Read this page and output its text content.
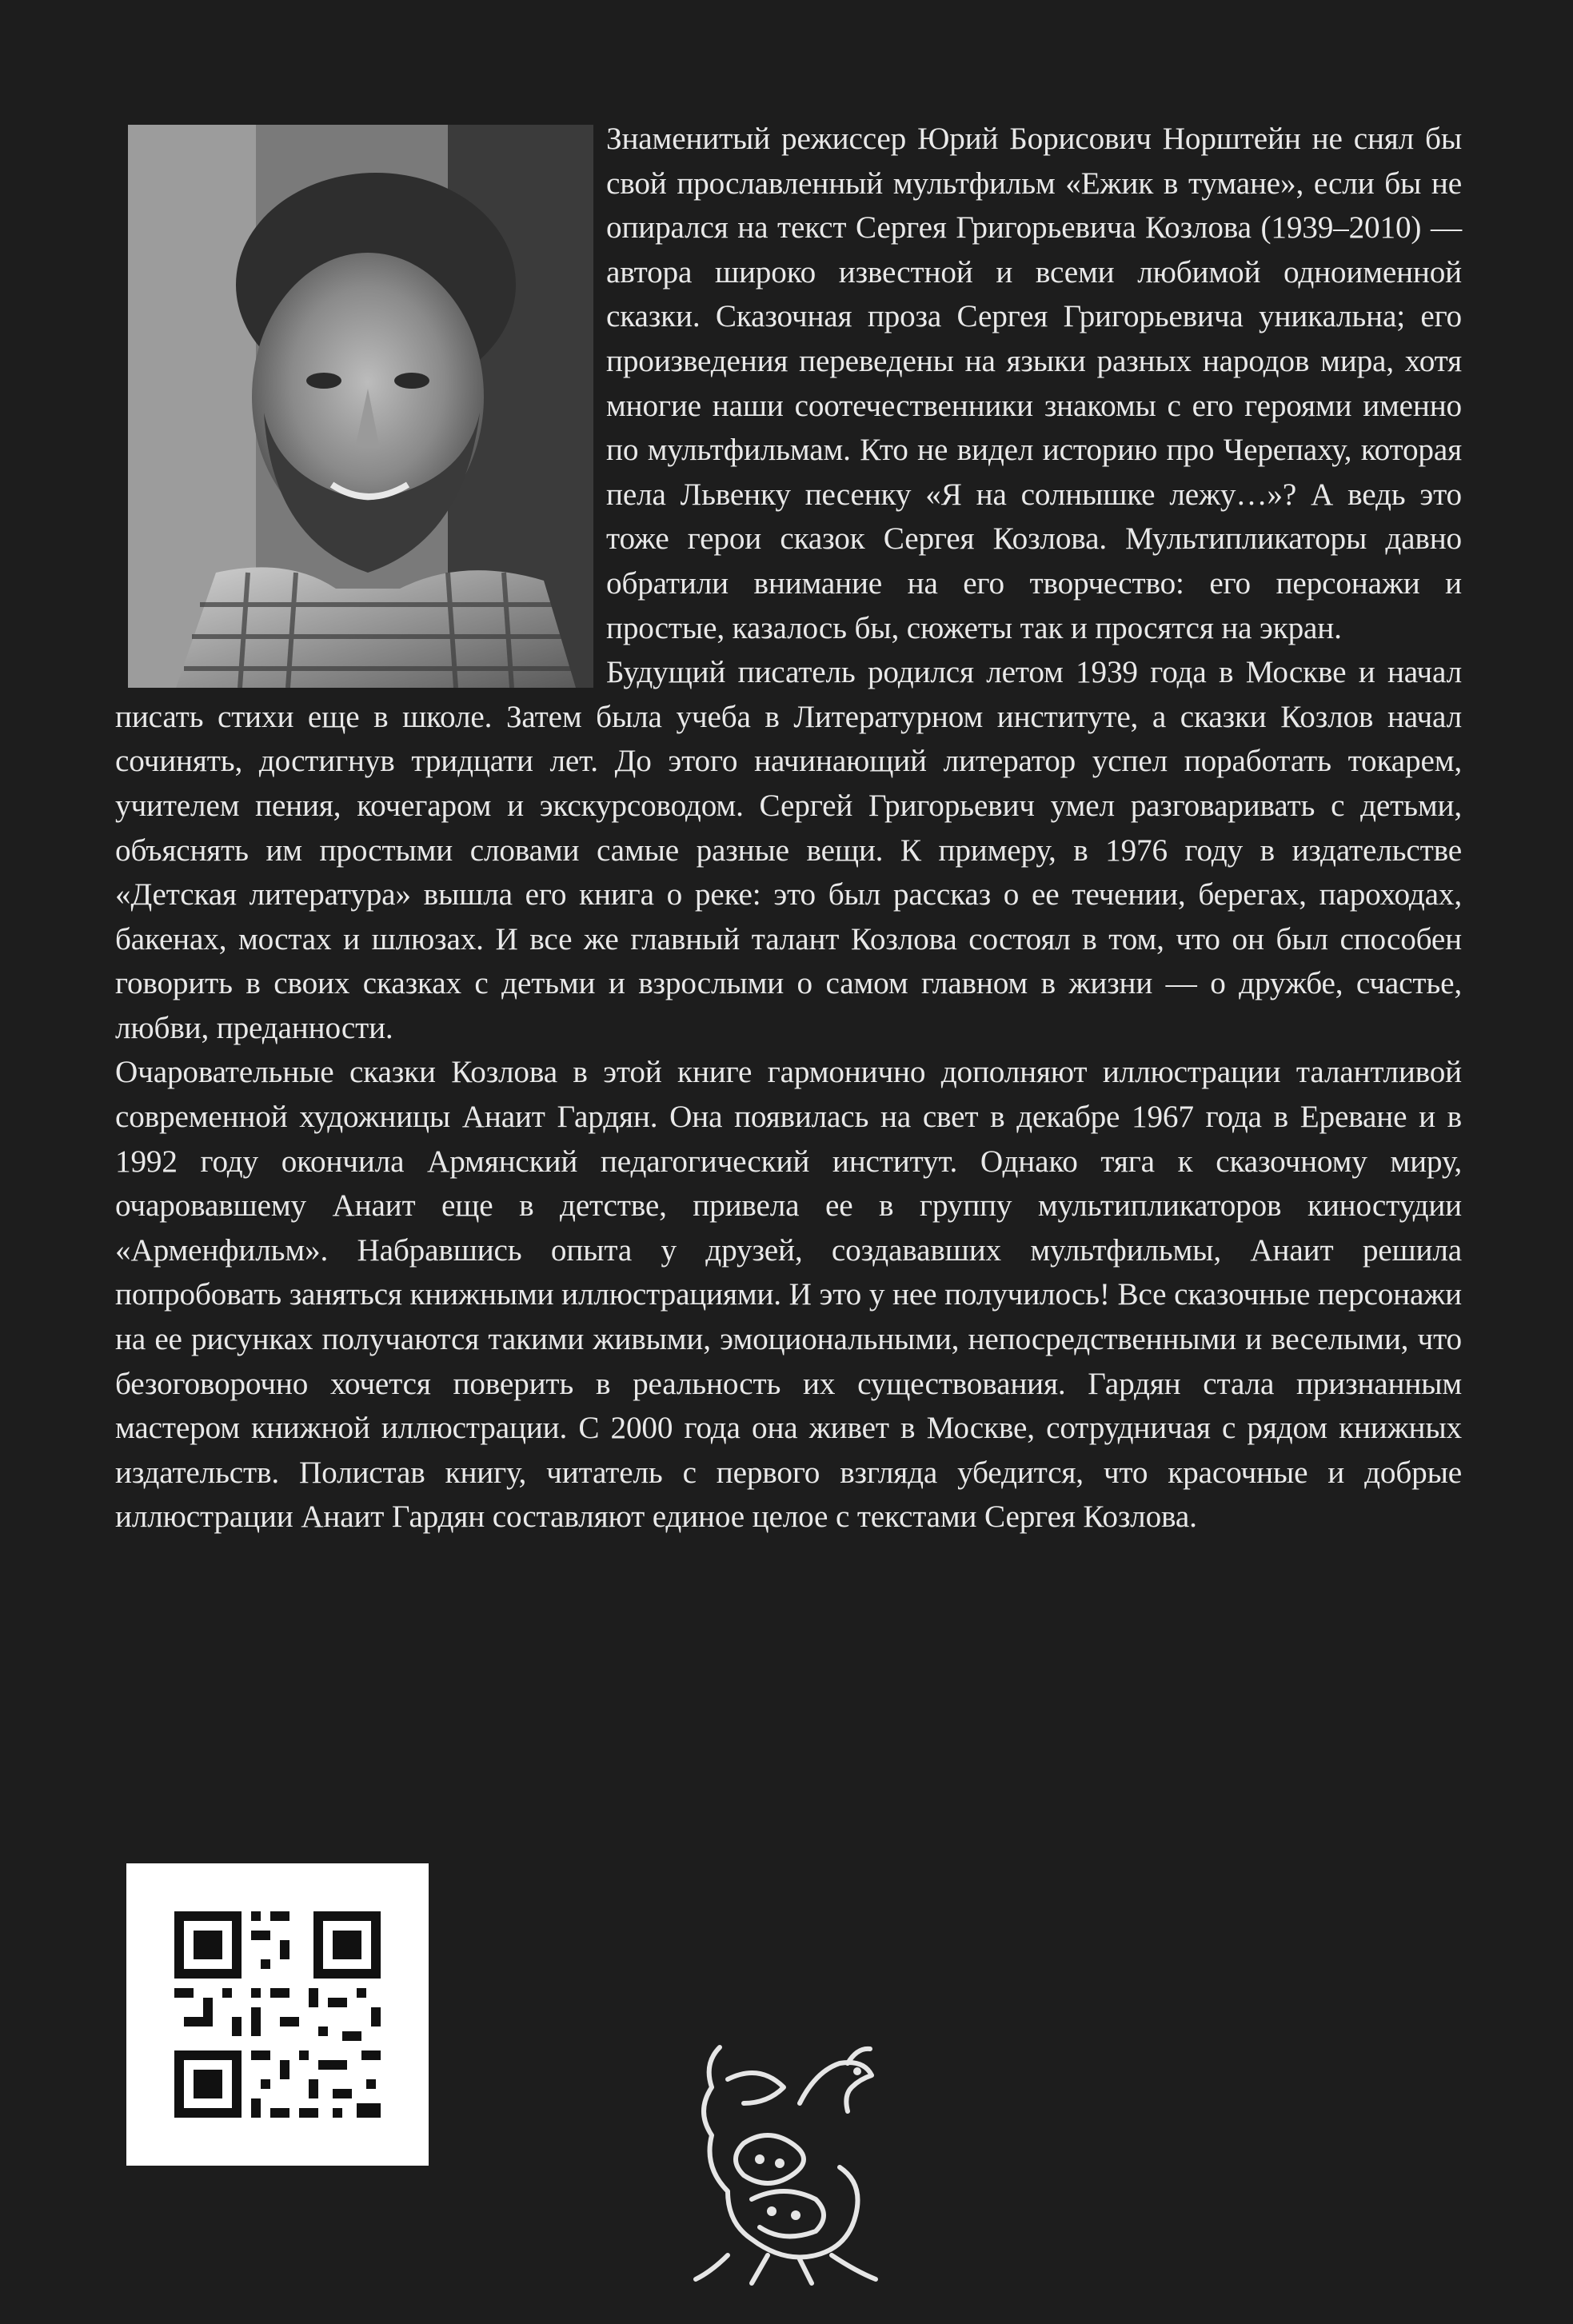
Знаменитый режиссер Юрий Борисович Норштейн не снял бы свой прославленный мультфильм «Ежик в тумане», если бы не опирался на текст Сергея Григорьевича Козлова (1939–2010) — автора широко известной и всеми любимой одноименной сказки. Сказочная проза Сергея Григорьевича уникальна; его произведения переведены на языки разных народов мира, хотя многие наши соотечественники знакомы с его героями именно по мультфильмам. Кто не видел историю про Черепаху, которая пела Львенку песенку «Я на солнышке лежу…»? А ведь это тоже герои сказок Сергея Козлова. Мультипликаторы давно обратили внимание на его творчество: его персонажи и простые, казалось бы, сюжеты так и просятся на экран.

Будущий писатель родился летом 1939 года в Москве и начал писать стихи еще в школе. Затем была учеба в Литературном институте, а сказки Козлов начал сочинять, достигнув тридцати лет. До этого начинающий литератор успел поработать токарем, учителем пения, кочегаром и экскурсоводом. Сергей Григорьевич умел разговаривать с детьми, объяснять им простыми словами самые разные вещи. К примеру, в 1976 году в издательстве «Детская литература» вышла его книга о реке: это был рассказ о ее течении, берегах, пароходах, бакенах, мостах и шлюзах. И все же главный талант Козлова состоял в том, что он был способен говорить в своих сказках с детьми и взрослыми о самом главном в жизни — о дружбе, счастье, любви, преданности.

Очаровательные сказки Козлова в этой книге гармонично дополняют иллюстрации талантливой современной художницы Анаит Гардян. Она появилась на свет в декабре 1967 года в Ереване и в 1992 году окончила Армянский педагогический институт. Однако тяга к сказочному миру, очаровавшему Анаит еще в детстве, привела ее в группу мультипликаторов киностудии «Арменфильм». Набравшись опыта у друзей, создававших мультфильмы, Анаит решила попробовать заняться книжными иллюстрациями. И это у нее получилось! Все сказочные персонажи на ее рисунках получаются такими живыми, эмоциональными, непосредственными и веселыми, что безоговорочно хочется поверить в реальность их существования. Гардян стала признанным мастером книжной иллюстрации. С 2000 года она живет в Москве, сотрудничая с рядом книжных издательств. Полистав книгу, читатель с первого взгляда убедится, что красочные и добрые иллюстрации Анаит Гардян составляют единое целое с текстами Сергея Козлова.
